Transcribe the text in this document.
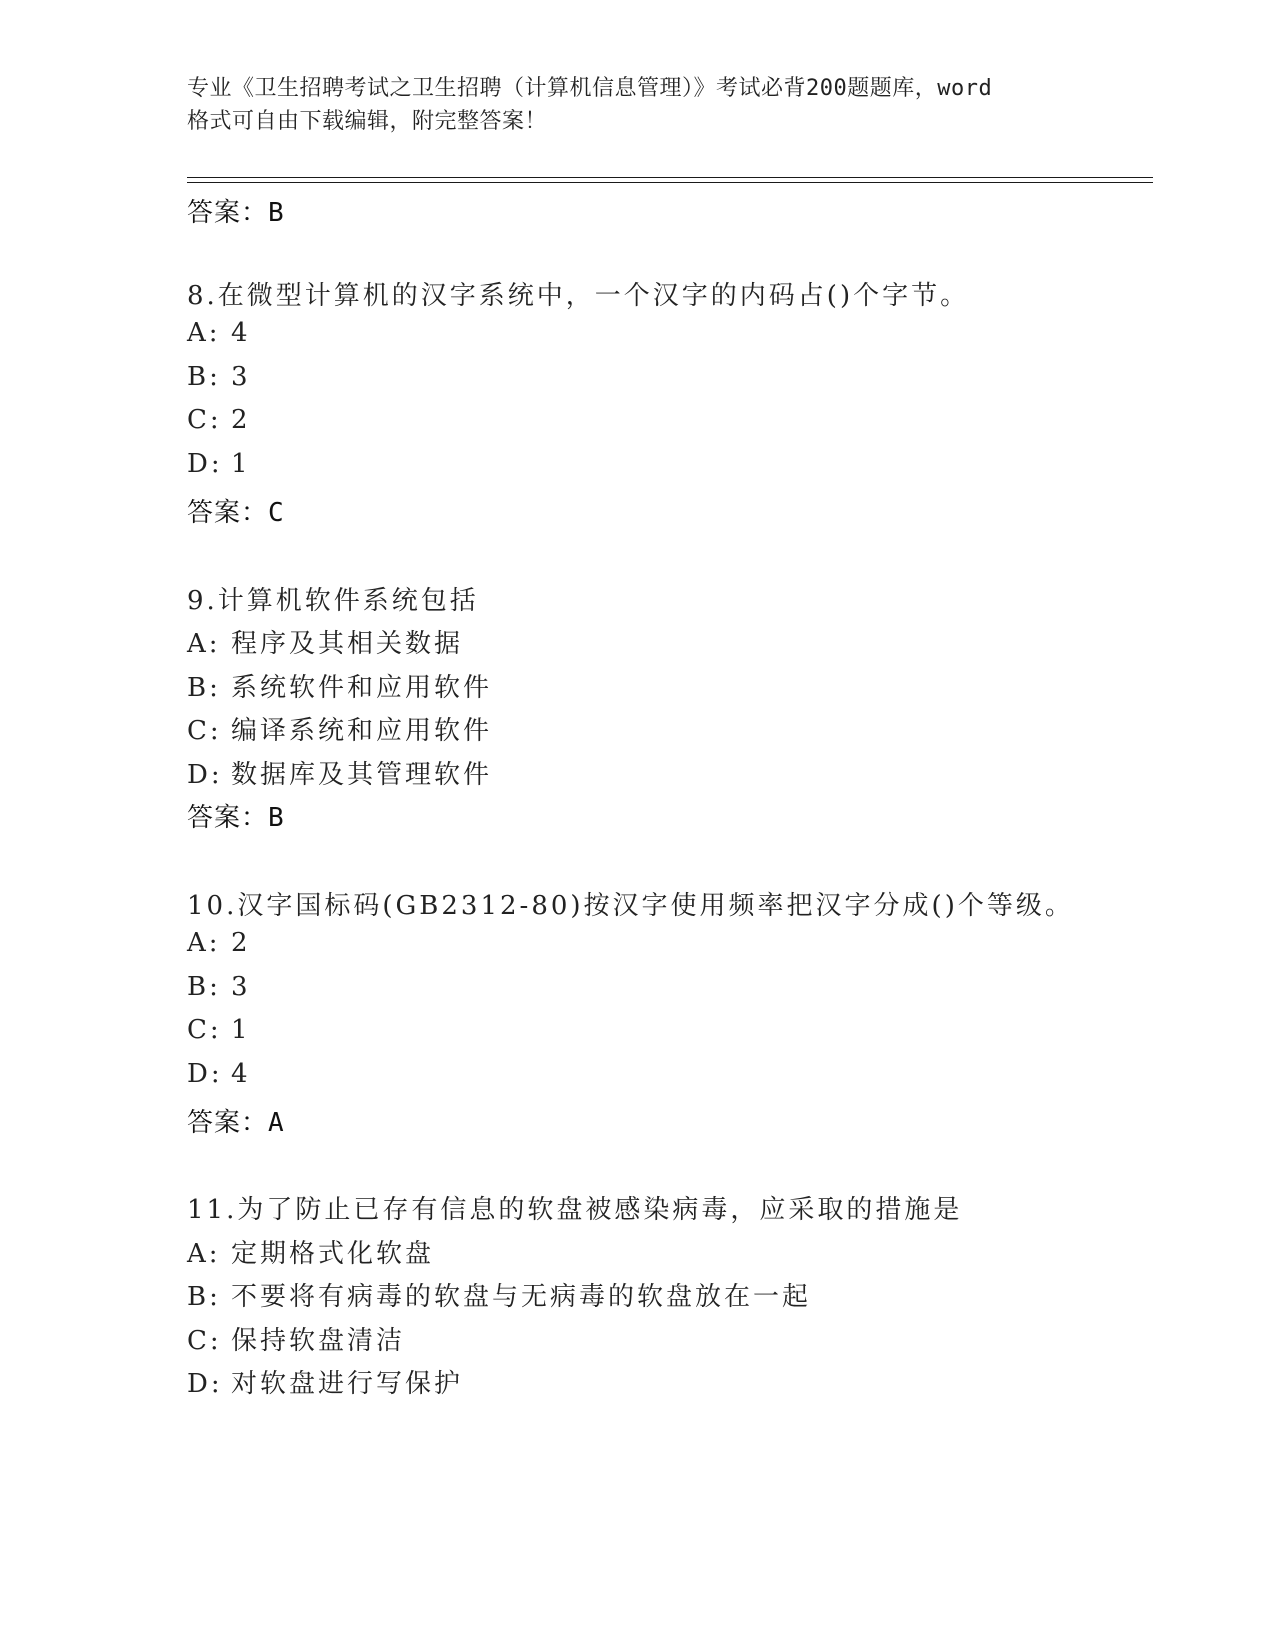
专业《卫生招聘考试之卫生招聘（计算机信息管理）》考试必背200题题库，word
格式可自由下载编辑，附完整答案！
答案：B
8.在微型计算机的汉字系统中，一个汉字的内码占()个字节。
A: 4
B: 3
C: 2
D: 1
答案：C
9.计算机软件系统包括
A: 程序及其相关数据
B: 系统软件和应用软件
C: 编译系统和应用软件
D: 数据库及其管理软件
答案：B
10.汉字国标码(GB2312-80)按汉字使用频率把汉字分成()个等级。
A: 2
B: 3
C: 1
D: 4
答案：A
11.为了防止已存有信息的软盘被感染病毒，应采取的措施是
A: 定期格式化软盘
B: 不要将有病毒的软盘与无病毒的软盘放在一起
C: 保持软盘清洁
D: 对软盘进行写保护
